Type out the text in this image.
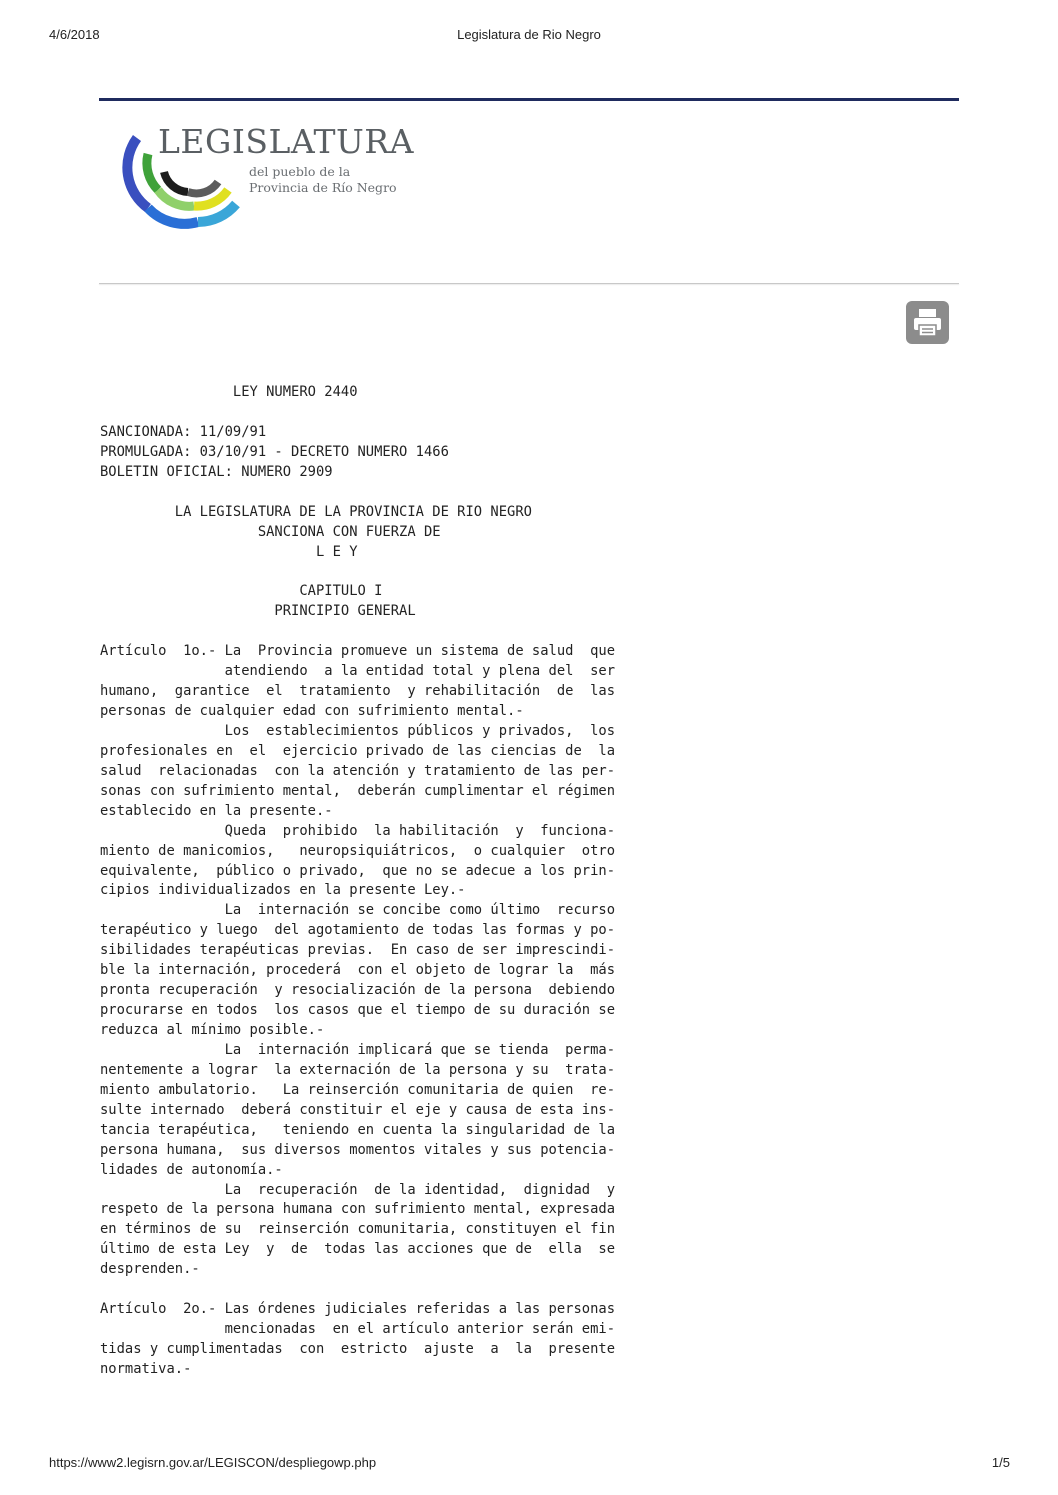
4/6/2018	Legislatura de Rio Negro
LEGISLATURA
del pueblo de la
Provincia de Río Negro
LEY NUMERO 2440
SANCIONADA: 11/09/91
PROMULGADA: 03/10/91 - DECRETO NUMERO 1466
BOLETIN OFICIAL: NUMERO 2909
LA LEGISLATURA DE LA PROVINCIA DE RIO NEGRO
SANCIONA CON FUERZA DE
L E Y
CAPITULO I
PRINCIPIO GENERAL
Artículo  1o.- La  Provincia promueve un sistema de salud  que
atendiendo  a la entidad total y plena del  ser
humano,  garantice  el  tratamiento  y rehabilitación  de  las
personas de cualquier edad con sufrimiento mental.-
Los  establecimientos públicos y privados,  los
profesionales en  el  ejercicio privado de las ciencias de  la
salud  relacionadas  con la atención y tratamiento de las per-
sonas con sufrimiento mental,  deberán cumplimentar el régimen
establecido en la presente.-
Queda  prohibido  la habilitación  y  funciona-
miento de manicomios,   neuropsiquiátricos,  o cualquier  otro
equivalente,  público o privado,  que no se adecue a los prin-
cipios individualizados en la presente Ley.-
La  internación se concibe como último  recurso
terapéutico y luego  del agotamiento de todas las formas y po-
sibilidades terapéuticas previas.  En caso de ser imprescindi-
ble la internación, procederá  con el objeto de lograr la  más
pronta recuperación  y resocialización de la persona  debiendo
procurarse en todos  los casos que el tiempo de su duración se
reduzca al mínimo posible.-
La  internación implicará que se tienda  perma-
nentemente a lograr  la externación de la persona y su  trata-
miento ambulatorio.   La reinserción comunitaria de quien  re-
sulte internado  deberá constituir el eje y causa de esta ins-
tancia terapéutica,   teniendo en cuenta la singularidad de la
persona humana,  sus diversos momentos vitales y sus potencia-
lidades de autonomía.-
La  recuperación  de la identidad,  dignidad  y
respeto de la persona humana con sufrimiento mental, expresada
en términos de su  reinserción comunitaria, constituyen el fin
último de esta Ley  y  de  todas las acciones que de  ella  se
desprenden.-
Artículo  2o.- Las órdenes judiciales referidas a las personas
mencionadas  en el artículo anterior serán emi-
tidas y cumplimentadas  con  estricto  ajuste  a  la  presente
normativa.-
https://www2.legisrn.gov.ar/LEGISCON/despliegowp.php	1/5
